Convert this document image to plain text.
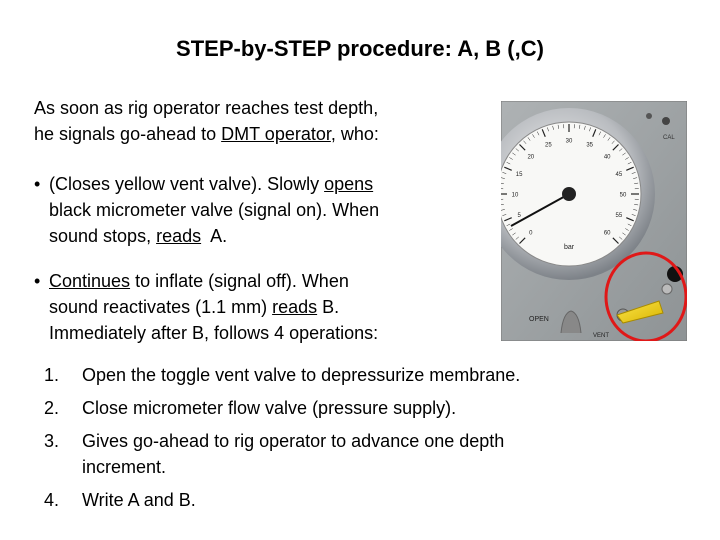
STEP-by-STEP procedure: A, B (,C)
As soon as rig operator reaches test depth,
he signals go-ahead to DMT operator, who:
• (Closes yellow vent valve). Slowly opens
black micrometer valve (signal on). When
sound stops, reads  A.
• Continues to inflate (signal off). When
sound reactivates (1.1 mm) reads B.
Immediately after B, follows 4 operations:
1. Open the toggle vent valve to depressurize membrane.
2. Close micrometer flow valve (pressure supply).
3. Gives go-ahead to rig operator to advance one depth
increment.
4. Write A and B.
0
5
10
15
20
25
30
35
40
45
50
55
60
bar
CAL
OPEN
VENT
